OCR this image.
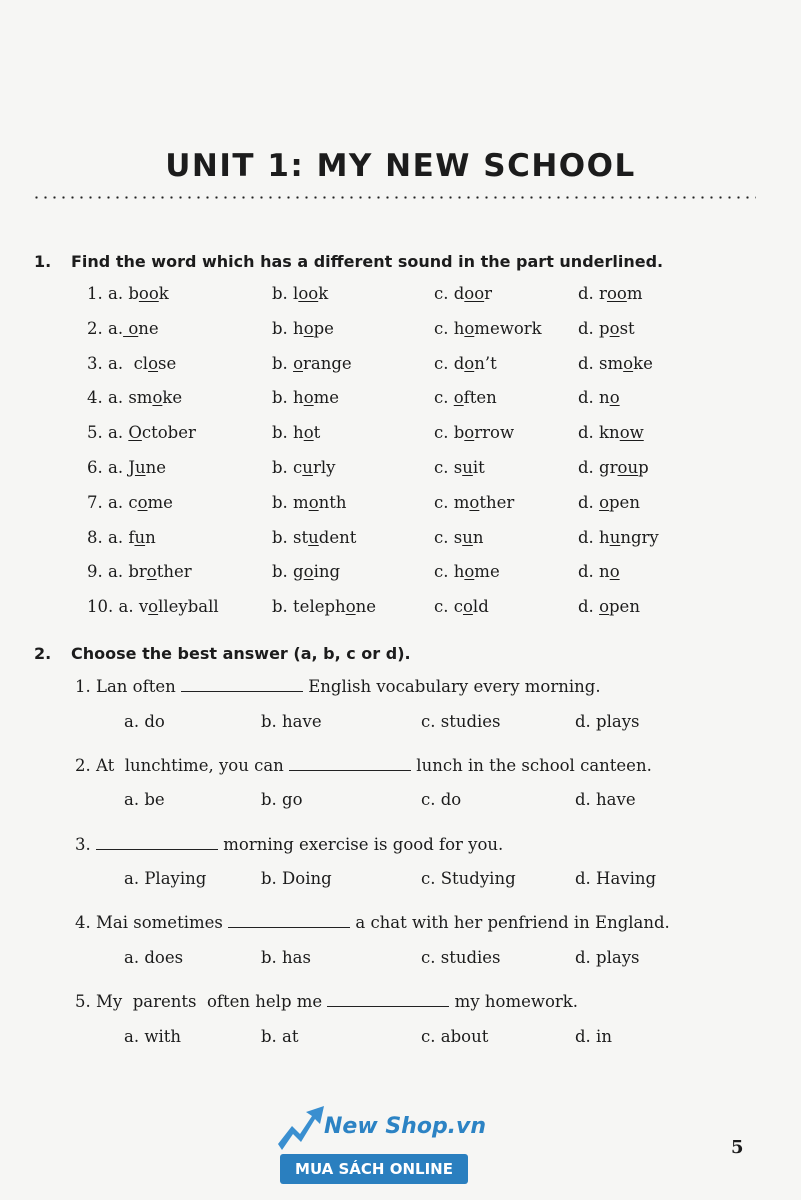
UNIT 1: MY NEW SCHOOL
1. Find the word which has a different sound in the part underlined.
1. a. book	b. look	c. door	d. room
2. a. one	b. hope	c. homework d. post
3. a.  close	b. orange	c. don’t	d. smoke
4. a. smoke	b. home	c. often	d. no
5. a. October	b. hot	c. borrow	d. know
6. a. June	b. curly	c. suit	d. group
7. a. come	b. month	c. mother	d. open
8. a. fun	b. student	c. sun	d. hungry
9. a. brother	b. going	c. home	d. no
10. a. volleyball	b. telephone	c. cold	d. open
2. Choose the best answer (a, b, c or d).
1. Lan often	English vocabulary every morning.
a. do	b. have	c. studies	d. plays
2. At  lunchtime, you can	lunch in the school canteen.
a. be	b. go	c. do	d. have
3.	morning exercise is good for you.
a. Playing	b. Doing	c. Studying	d. Having
4. Mai sometimes	a chat with her penfriend in England.
a. does	b. has	c. studies	d. plays
5. My  parents  often help me	my homework.
a. with	b. at	c. about	d. in
New Shop.vn
MUA SÁCH ONLINE
5
